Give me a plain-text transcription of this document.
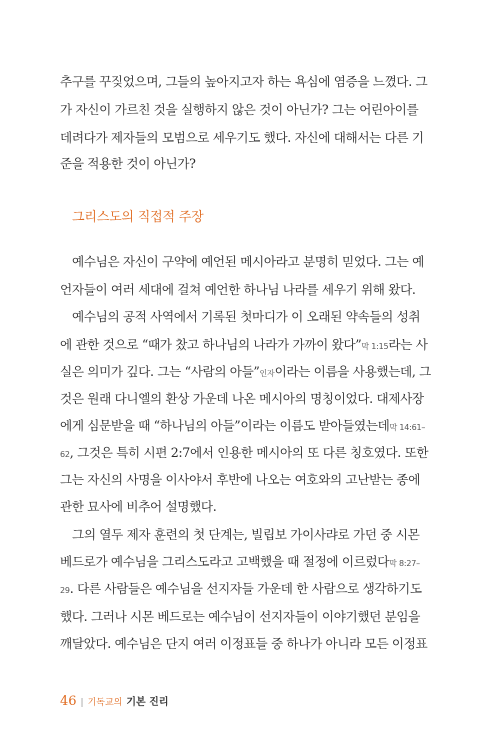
추구를 꾸짖었으며, 그들의 높아지고자 하는 욕심에 염증을 느꼈다. 그
가 자신이 가르친 것을 실행하지 않은 것이 아닌가? 그는 어린아이를
데려다가 제자들의 모범으로 세우기도 했다. 자신에 대해서는 다른 기
준을 적용한 것이 아닌가?
그리스도의 직접적 주장
예수님은 자신이 구약에 예언된 메시아라고 분명히 믿었다. 그는 예
언자들이 여러 세대에 걸쳐 예언한 하나님 나라를 세우기 위해 왔다.
예수님의 공적 사역에서 기록된 첫마디가 이 오래된 약속들의 성취
에 관한 것으로 “때가 찼고 하나님의 나라가 가까이 왔다”막 1:15라는 사
실은 의미가 깊다. 그는 “사람의 아들”인자이라는 이름을 사용했는데, 그
것은 원래 다니엘의 환상 가운데 나온 메시아의 명칭이었다. 대제사장
에게 심문받을 때 “하나님의 아들”이라는 이름도 받아들였는데막 14:61–
62, 그것은 특히 시편 2:7에서 인용한 메시아의 또 다른 칭호였다. 또한
그는 자신의 사명을 이사야서 후반에 나오는 여호와의 고난받는 종에
관한 묘사에 비추어 설명했다.
그의 열두 제자 훈련의 첫 단계는, 빌립보 가이사랴로 가던 중 시몬
베드로가 예수님을 그리스도라고 고백했을 때 절정에 이르렀다막 8:27–
29. 다른 사람들은 예수님을 선지자들 가운데 한 사람으로 생각하기도
했다. 그러나 시몬 베드로는 예수님이 선지자들이 이야기했던 분임을
깨달았다. 예수님은 단지 여러 이정표들 중 하나가 아니라 모든 이정표
46 | 기독교의 기본 진리
